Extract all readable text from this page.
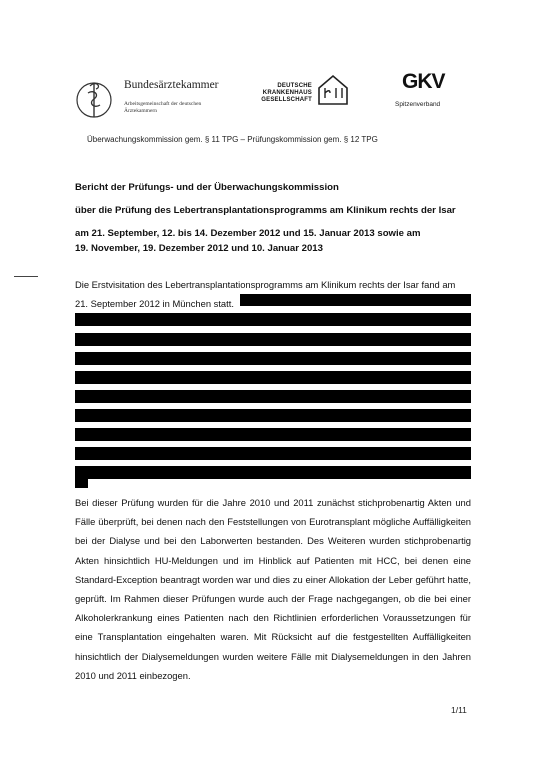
Bundesärztekammer
Arbeitsgemeinschaft der deutschen
Ärztekammern
DEUTSCHE
KRANKENHAUS
GESELLSCHAFT
GKV
Spitzenverband
Überwachungskommission gem. § 11 TPG – Prüfungskommission gem. § 12 TPG
Bericht der Prüfungs- und der Überwachungskommission
über die Prüfung des Lebertransplantationsprogramms am Klinikum rechts der Isar
am 21. September, 12. bis 14. Dezember 2012 und 15. Januar 2013 sowie am
19. November, 19. Dezember 2012 und 10. Januar 2013
Die Erstvisitation des Lebertransplantationsprogramms am Klinikum rechts der Isar fand am
21. September 2012 in München statt.
Bei dieser Prüfung wurden für die Jahre 2010 und 2011 zunächst stichprobenartig Akten und Fälle überprüft, bei denen nach den Feststellungen von Eurotransplant mögliche Auffälligkeiten bei der Dialyse und bei den Laborwerten bestanden. Des Weiteren wurden stichprobenartig Akten hinsichtlich HU-Meldungen und im Hinblick auf Patienten mit HCC, bei denen eine Standard-Exception beantragt worden war und dies zu einer Allokation der Leber geführt hatte, geprüft. Im Rahmen dieser Prüfungen wurde auch der Frage nachgegangen, ob die bei einer Alkoholerkrankung eines Patienten nach den Richtlinien erforderlichen Voraussetzungen für eine Transplantation eingehalten waren. Mit Rücksicht auf die festgestellten Auffälligkeiten hinsichtlich der Dialysemeldungen wurden weitere Fälle mit Dialysemeldungen in den Jahren 2010 und 2011 einbezogen.
1/11
